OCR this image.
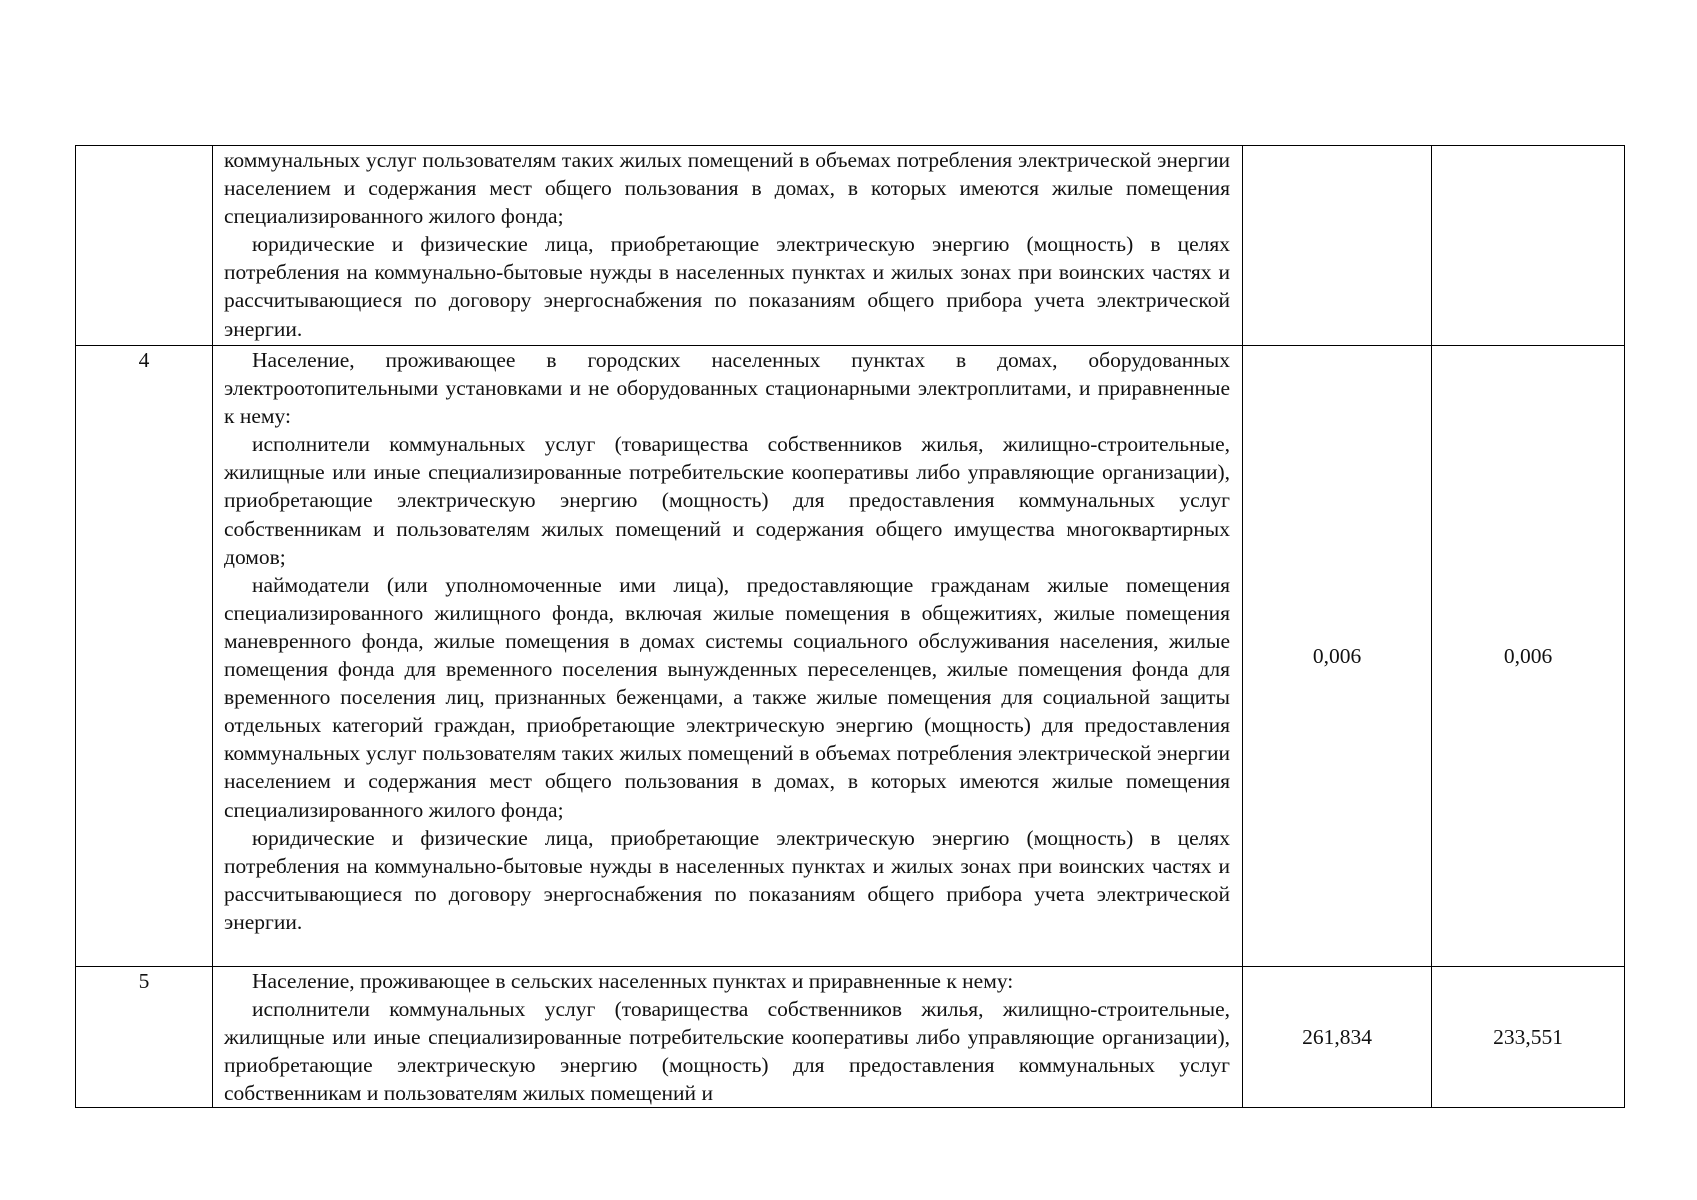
	коммунальных услуг пользователям таких жилых помещений в объемах потребления электрической энергии населением и содержания мест общего пользования в домах, в которых имеются жилые помещения специализированного жилого фонда;

юридические и физические лица, приобретающие электрическую энергию (мощность) в целях потребления на коммунально-бытовые нужды в населенных пунктах и жилых зонах при воинских частях и рассчитывающиеся по договору энергоснабжения по показаниям общего прибора учета электрической энергии.		

4	Население, проживающее в городских населенных пунктах в домах, оборудованных электроотопительными установками и не оборудованных стационарными электроплитами, и приравненные к нему:

исполнители коммунальных услуг (товарищества собственников жилья, жилищно-строительные, жилищные или иные специализированные потребительские кооперативы либо управляющие организации), приобретающие электрическую энергию (мощность) для предоставления коммунальных услуг собственникам и пользователям жилых помещений и содержания общего имущества многоквартирных домов;

наймодатели (или уполномоченные ими лица), предоставляющие гражданам жилые помещения специализированного жилищного фонда, включая жилые помещения в общежитиях, жилые помещения маневренного фонда, жилые помещения в домах системы социального обслуживания населения, жилые помещения фонда для временного поселения вынужденных переселенцев, жилые помещения фонда для временного поселения лиц, признанных беженцами, а также жилые помещения для социальной защиты отдельных категорий граждан, приобретающие электрическую энергию (мощность) для предоставления коммунальных услуг пользователям таких жилых помещений в объемах потребления электрической энергии населением и содержания мест общего пользования в домах, в которых имеются жилые помещения специализированного жилого фонда;

юридические и физические лица, приобретающие электрическую энергию (мощность) в целях потребления на коммунально-бытовые нужды в населенных пунктах и жилых зонах при воинских частях и рассчитывающиеся по договору энергоснабжения по показаниям общего прибора учета электрической энергии.	0,006	0,006
5	Население, проживающее в сельских населенных пунктах и приравненные к нему:

исполнители коммунальных услуг (товарищества собственников жилья, жилищно-строительные, жилищные или иные специализированные потребительские кооперативы либо управляющие организации), приобретающие электрическую энергию (мощность) для предоставления коммунальных услуг собственникам и пользователям жилых помещений и	261,834	233,551
